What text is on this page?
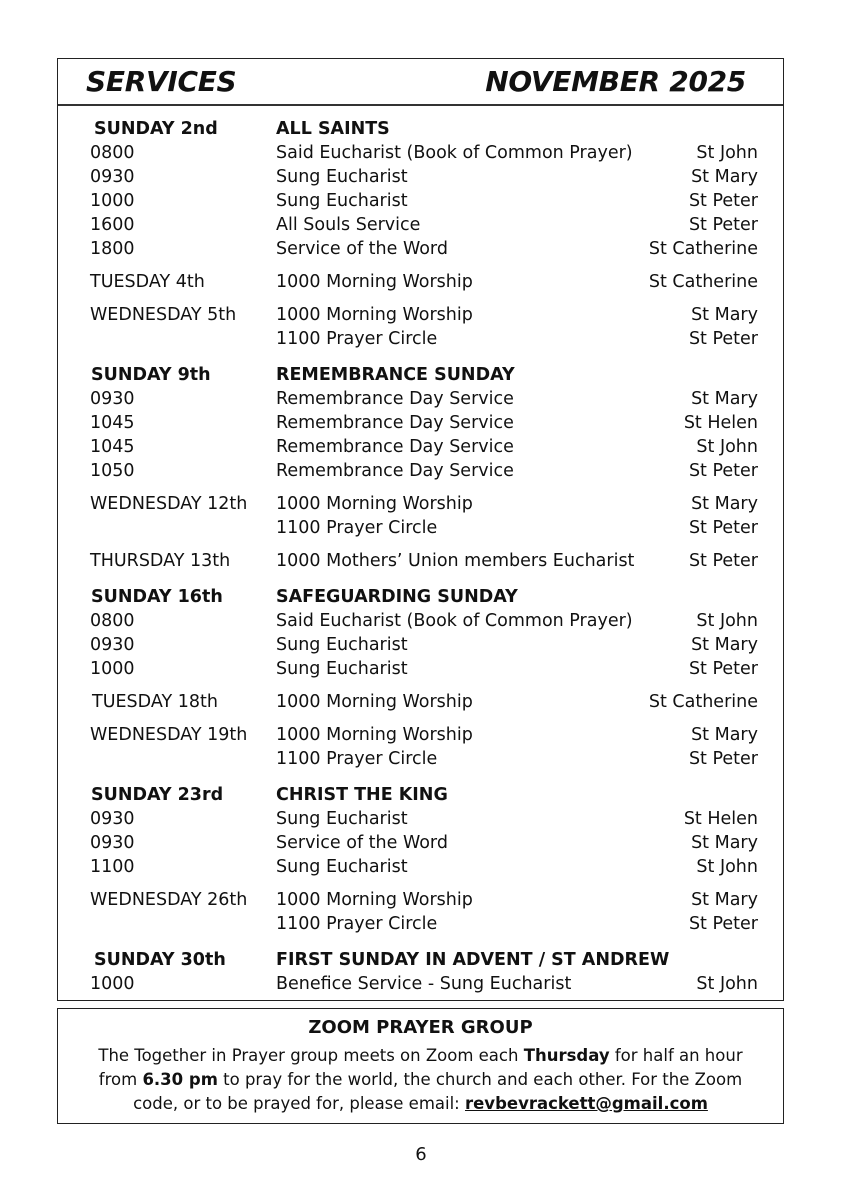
SERVICES	NOVEMBER 2025
SUNDAY 2nd	ALL SAINTS
0800	Said Eucharist (Book of Common Prayer)	St John
0930	Sung Eucharist	St Mary
1000	Sung Eucharist	St Peter
1600	All Souls Service	St Peter
1800	Service of the Word	St Catherine
TUESDAY 4th	1000 Morning Worship	St Catherine
WEDNESDAY 5th 1000 Morning Worship	St Mary
1100 Prayer Circle	St Peter
SUNDAY 9th	REMEMBRANCE SUNDAY
0930	Remembrance Day Service	St Mary
1045	Remembrance Day Service	St Helen
1045	Remembrance Day Service	St John
1050	Remembrance Day Service	St Peter
WEDNESDAY 12th 1000 Morning Worship	St Mary
1100 Prayer Circle	St Peter
THURSDAY 13th	1000 Mothers’ Union members Eucharist	St Peter
SUNDAY 16th	SAFEGUARDING SUNDAY
0800	Said Eucharist (Book of Common Prayer)	St John
0930	Sung Eucharist	St Mary
1000	Sung Eucharist	St Peter
TUESDAY 18th	1000 Morning Worship	St Catherine
WEDNESDAY 19th 1000 Morning Worship	St Mary
1100 Prayer Circle	St Peter
SUNDAY 23rd	CHRIST THE KING
0930	Sung Eucharist	St Helen
0930	Service of the Word	St Mary
1100	Sung Eucharist	St John
WEDNESDAY 26th 1000 Morning Worship	St Mary
1100 Prayer Circle	St Peter
SUNDAY 30th	FIRST SUNDAY IN ADVENT / ST ANDREW
1000	Benefice Service - Sung Eucharist	St John
ZOOM PRAYER GROUP
The Together in Prayer group meets on Zoom each Thursday for half an hour
from 6.30 pm to pray for the world, the church and each other. For the Zoom
code, or to be prayed for, please email: revbevrackett@gmail.com
6
